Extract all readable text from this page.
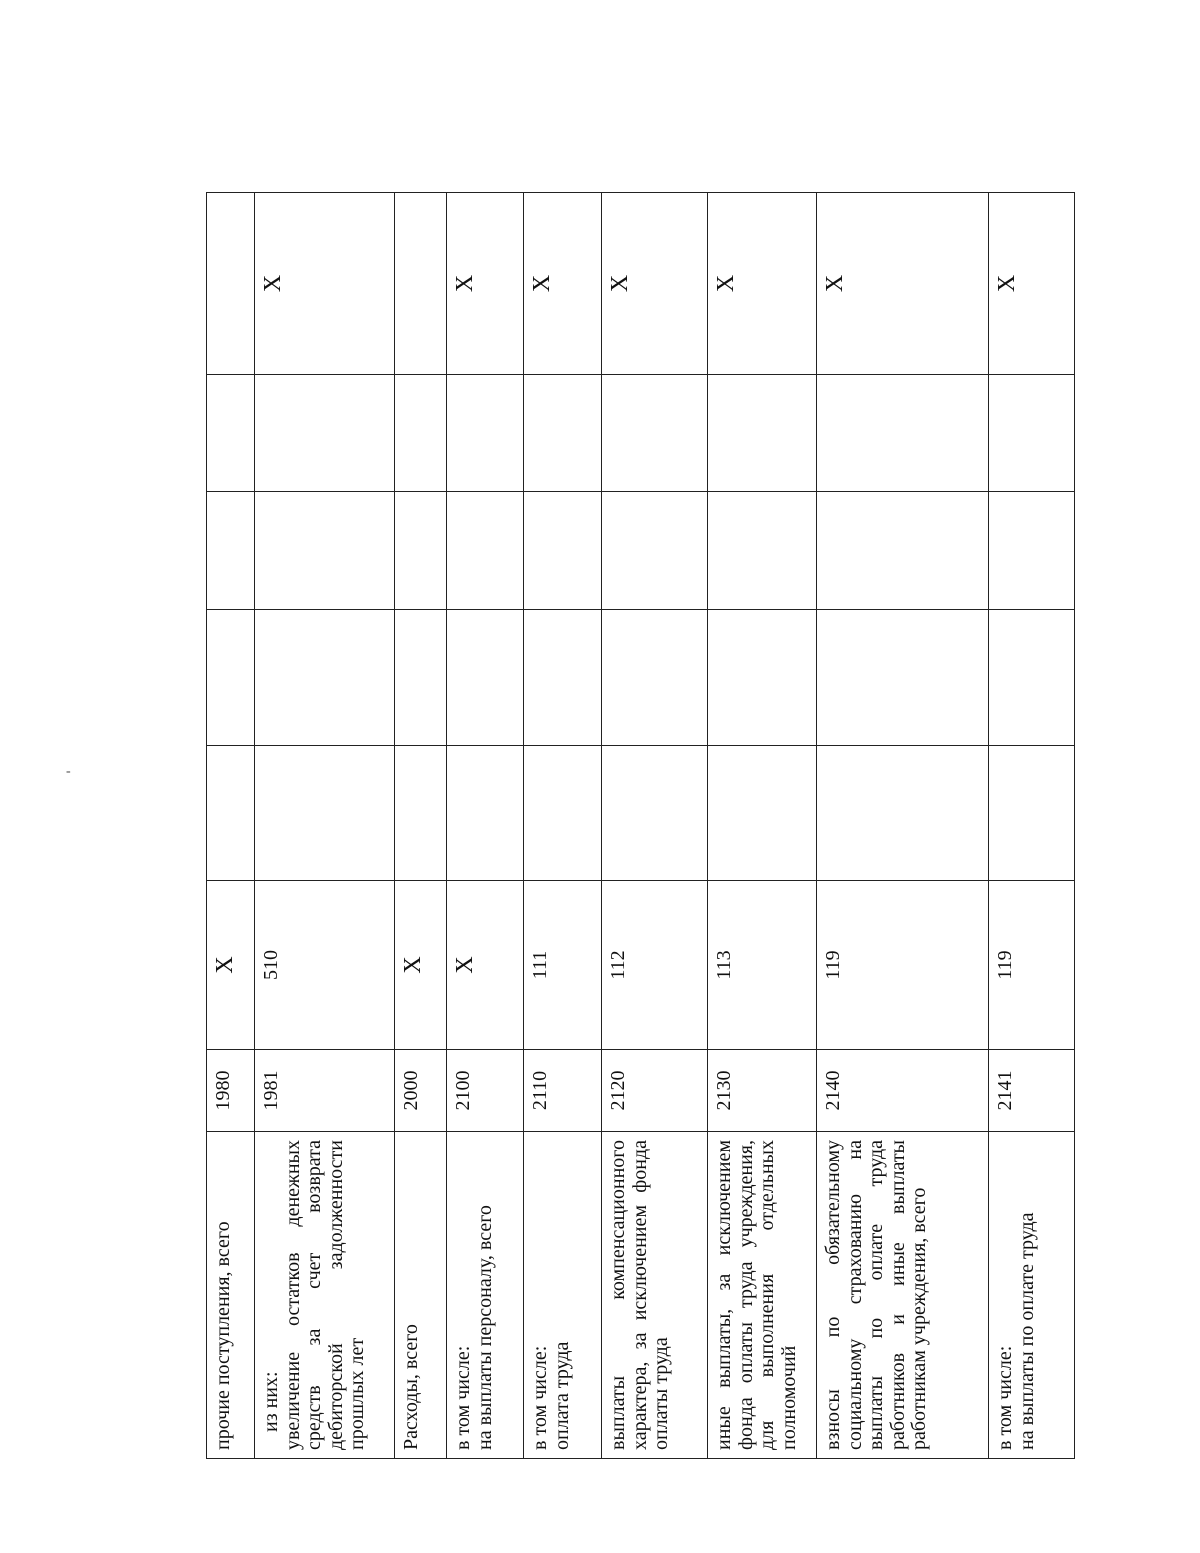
-
прочие поступления, всего	1980	X					

из них: увеличение остатков денежных средств за счет возврата дебиторской задолженности прошлых лет	1981	510					X

Расходы, всего	2000	X					

в том числе: на выплаты персоналу, всего	2100	X					X

в том числе: оплата труда	2110	111					X

выплаты компенсационного характера, за исключением фонда оплаты труда	2120	112					X

иные выплаты, за исключением фонда оплаты труда учреждения, для выполнения отдельных полномочий	2130	113					X

взносы по обязательному социальному страхованию на выплаты по оплате труда работников и иные выплаты работникам учреждения, всего	2140	119					X

в том числе: на выплаты по оплате труда	2141	119					X
